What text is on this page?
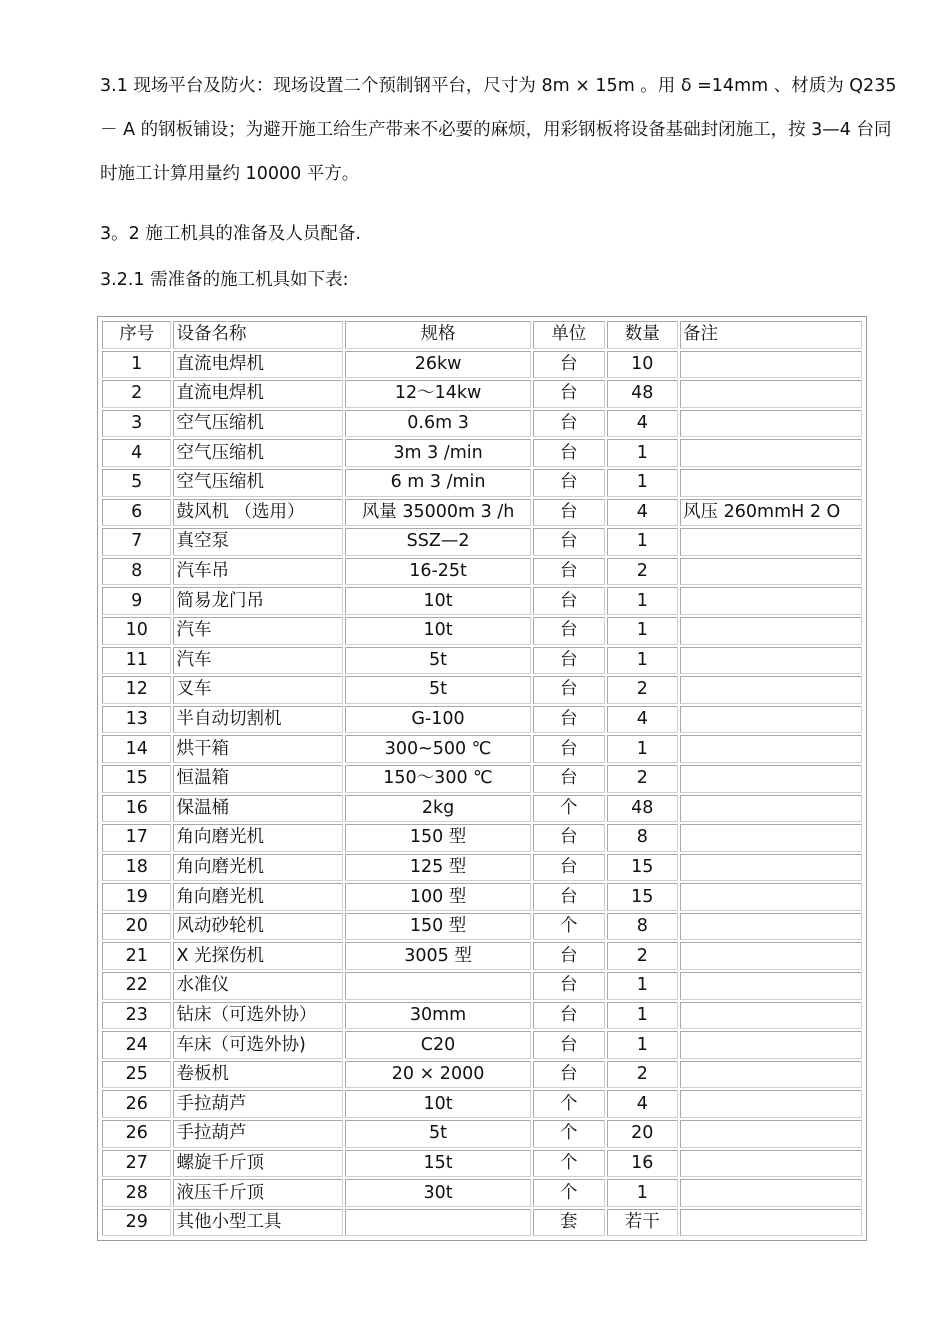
3.1 现场平台及防火：现场设置二个预制钢平台，尺寸为 8m × 15m 。用 δ =14mm 、材质为 Q235 － A 的钢板铺设；为避开施工给生产带来不必要的麻烦，用彩钢板将设备基础封闭施工，按 3—4 台同时施工计算用量约 10000 平方。

3。2 施工机具的准备及人员配备.

3.2.1 需准备的施工机具如下表:

序号	设备名称	规格	单位	数量	备注
1	直流电焊机	26kw	台	10	
2	直流电焊机	12～14kw	台	48	
3	空气压缩机	0.6m 3	台	4	
4	空气压缩机	3m 3 /min	台	1	
5	空气压缩机	6 m 3 /min	台	1	
6	鼓风机 （选用）	风量 35000m 3 /h	台	4	风压 260mmH 2 O
7	真空泵	SSZ—2	台	1	
8	汽车吊	16-25t	台	2	
9	简易龙门吊	10t	台	1	
10	汽车	10t	台	1	
11	汽车	5t	台	1	
12	叉车	5t	台	2	
13	半自动切割机	G-100	台	4	
14	烘干箱	300~500 ℃	台	1	
15	恒温箱	150～300 ℃	台	2	
16	保温桶	2kg	个	48	
17	角向磨光机	150 型	台	8	
18	角向磨光机	125 型	台	15	
19	角向磨光机	100 型	台	15	
20	风动砂轮机	150 型	个	8	
21	X 光探伤机	3005 型	台	2	
22	水准仪		台	1	
23	钻床（可选外协）	30mm	台	1	
24	车床（可选外协)	C20	台	1	
25	卷板机	20 × 2000	台	2	
26	手拉葫芦	10t	个	4	
26	手拉葫芦	5t	个	20	
27	螺旋千斤顶	15t	个	16	
28	液压千斤顶	30t	个	1	
29	其他小型工具		套	若干	
